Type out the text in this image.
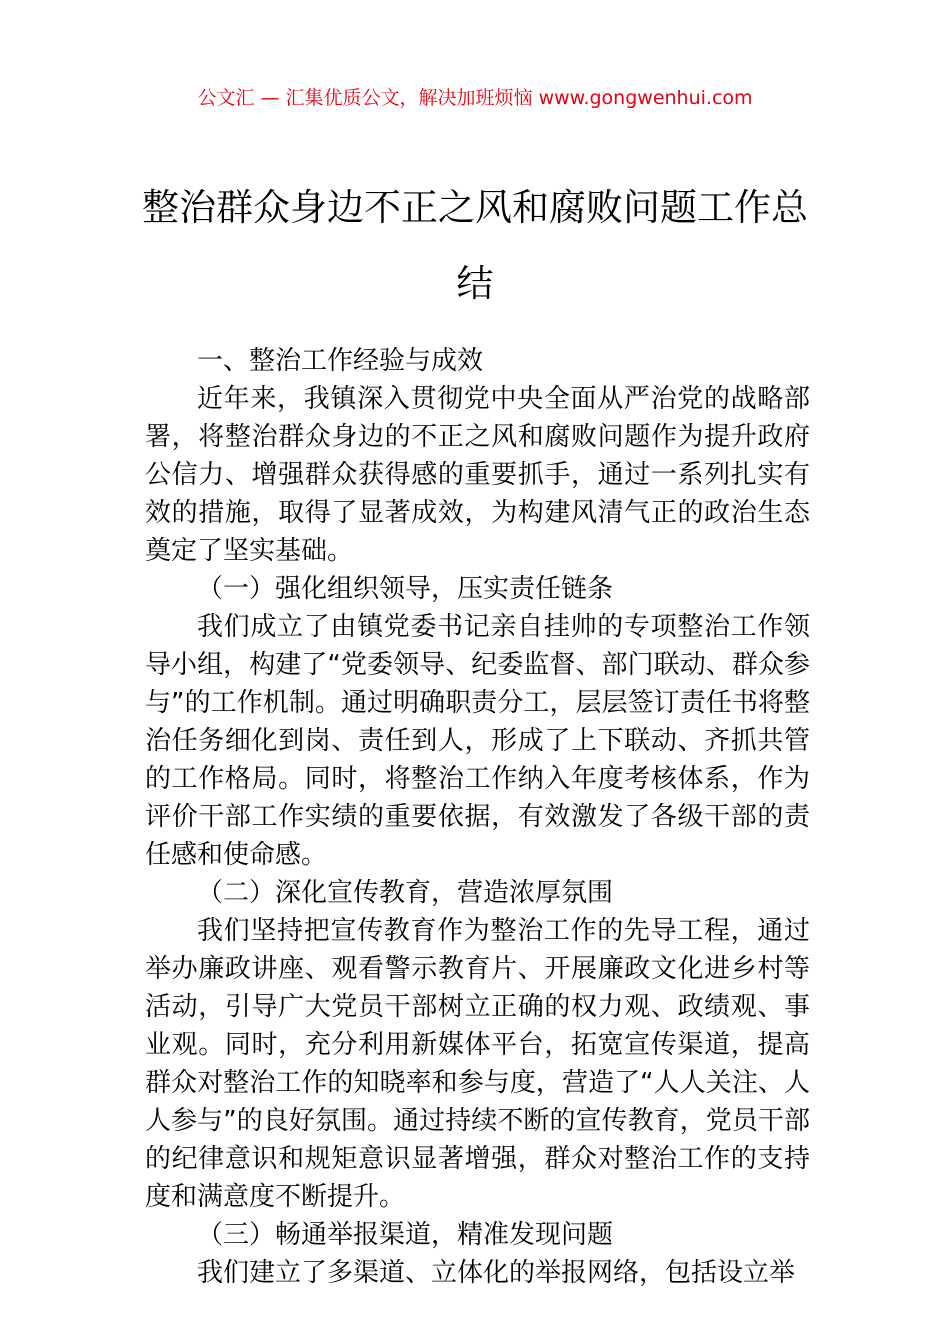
公文汇 — 汇集优质公文，解决加班烦恼 www.gongwenhui.com
整治群众身边不正之风和腐败问题工作总结

一、整治工作经验与成效

近年来，我镇深入贯彻党中央全面从严治党的战略部署，将整治群众身边的不正之风和腐败问题作为提升政府公信力、增强群众获得感的重要抓手，通过一系列扎实有效的措施，取得了显著成效，为构建风清气正的政治生态奠定了坚实基础。

（一）强化组织领导，压实责任链条

我们成立了由镇党委书记亲自挂帅的专项整治工作领导小组，构建了“党委领导、纪委监督、部门联动、群众参与”的工作机制。通过明确职责分工，层层签订责任书将整治任务细化到岗、责任到人，形成了上下联动、齐抓共管的工作格局。同时，将整治工作纳入年度考核体系，作为评价干部工作实绩的重要依据，有效激发了各级干部的责任感和使命感。

（二）深化宣传教育，营造浓厚氛围

我们坚持把宣传教育作为整治工作的先导工程，通过举办廉政讲座、观看警示教育片、开展廉政文化进乡村等活动，引导广大党员干部树立正确的权力观、政绩观、事业观。同时，充分利用新媒体平台，拓宽宣传渠道，提高群众对整治工作的知晓率和参与度，营造了“人人关注、人人参与”的良好氛围。通过持续不断的宣传教育，党员干部的纪律意识和规矩意识显著增强，群众对整治工作的支持度和满意度不断提升。

（三）畅通举报渠道，精准发现问题

我们建立了多渠道、立体化的举报网络，包括设立举
